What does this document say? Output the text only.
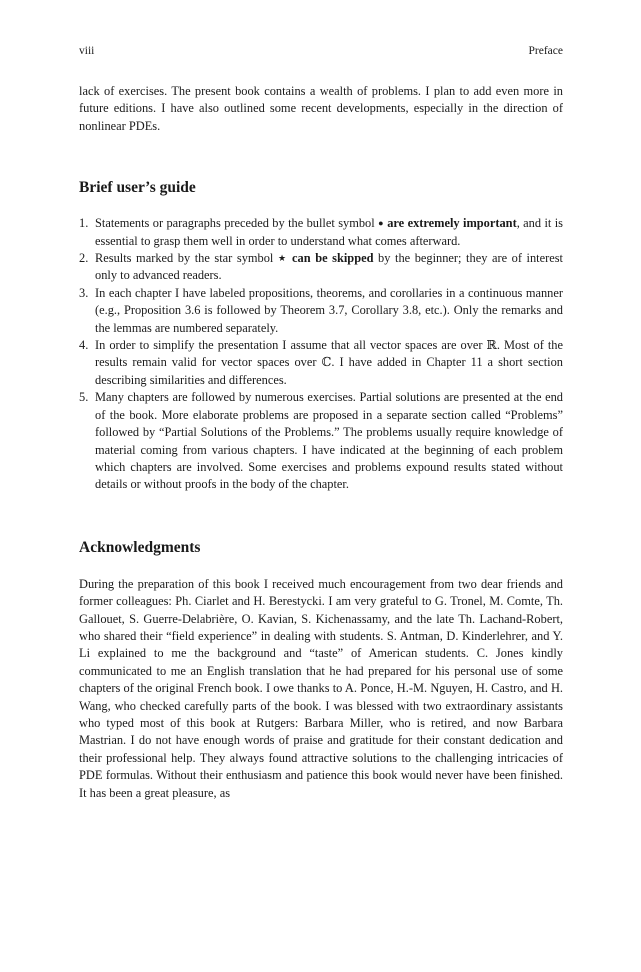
viii	Preface

lack of exercises. The present book contains a wealth of problems. I plan to add even more in future editions. I have also outlined some recent developments, especially in the direction of nonlinear PDEs.

Brief user’s guide
1. Statements or paragraphs preceded by the bullet symbol ● are extremely important, and it is essential to grasp them well in order to understand what comes afterward.
2. Results marked by the star symbol ★ can be skipped by the beginner; they are of interest only to advanced readers.
3. In each chapter I have labeled propositions, theorems, and corollaries in a continuous manner (e.g., Proposition 3.6 is followed by Theorem 3.7, Corollary 3.8, etc.). Only the remarks and the lemmas are numbered separately.
4. In order to simplify the presentation I assume that all vector spaces are over ℝ. Most of the results remain valid for vector spaces over ℂ. I have added in Chapter 11 a short section describing similarities and differences.
5. Many chapters are followed by numerous exercises. Partial solutions are presented at the end of the book. More elaborate problems are proposed in a separate section called “Problems” followed by “Partial Solutions of the Problems.” The problems usually require knowledge of material coming from various chapters. I have indicated at the beginning of each problem which chapters are involved. Some exercises and problems expound results stated without details or without proofs in the body of the chapter.
Acknowledgments

During the preparation of this book I received much encouragement from two dear friends and former colleagues: Ph. Ciarlet and H. Berestycki. I am very grateful to G. Tronel, M. Comte, Th. Gallouet, S. Guerre-Delabrière, O. Kavian, S. Kichenassamy, and the late Th. Lachand-Robert, who shared their “field experience” in dealing with students. S. Antman, D. Kinderlehrer, and Y. Li explained to me the background and “taste” of American students. C. Jones kindly communicated to me an English translation that he had prepared for his personal use of some chapters of the original French book. I owe thanks to A. Ponce, H.-M. Nguyen, H. Castro, and H. Wang, who checked carefully parts of the book. I was blessed with two extraordinary assistants who typed most of this book at Rutgers: Barbara Miller, who is retired, and now Barbara Mastrian. I do not have enough words of praise and gratitude for their constant dedication and their professional help. They always found attractive solutions to the challenging intricacies of PDE formulas. Without their enthusiasm and patience this book would never have been finished. It has been a great pleasure, as
